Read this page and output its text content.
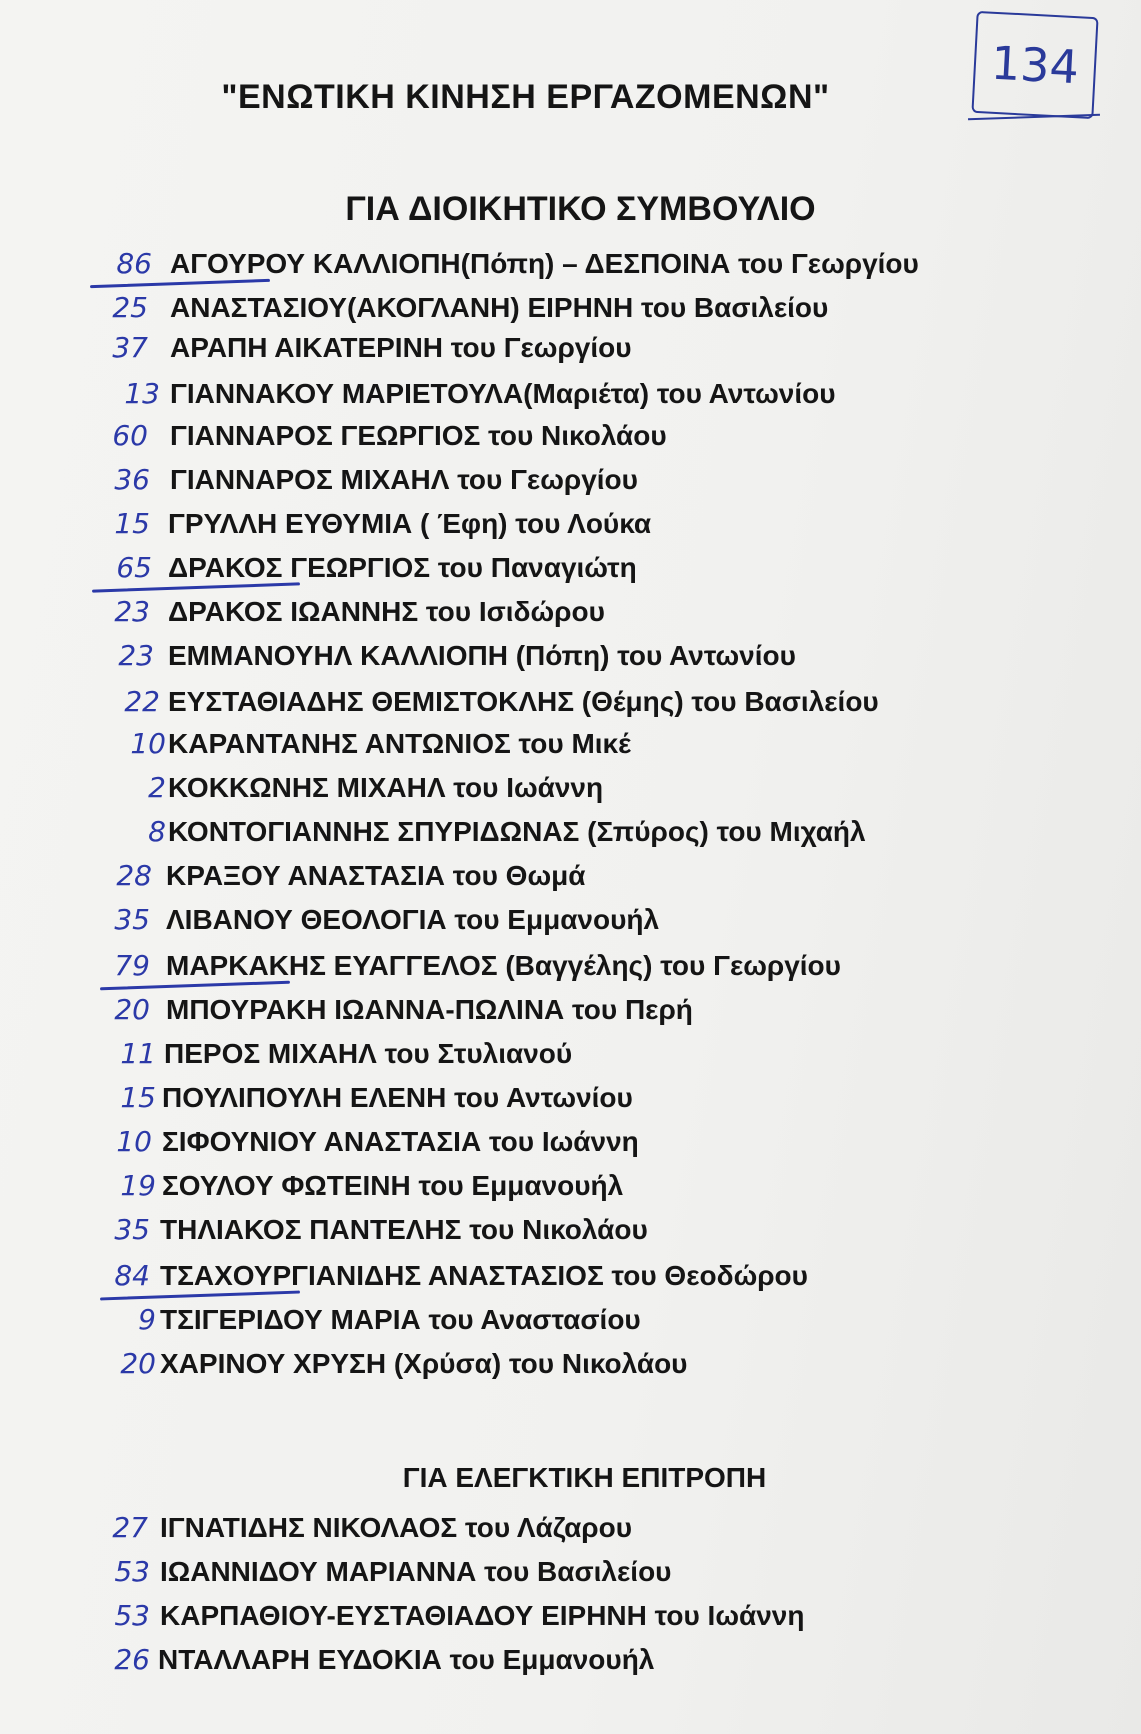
"ΕΝΩΤΙΚΗ ΚΙΝΗΣΗ ΕΡΓΑΖΟΜΕΝΩΝ"
134
ΓΙΑ ΔΙΟΙΚΗΤΙΚΟ ΣΥΜΒΟΥΛΙΟ
86 ΑΓΟΥΡΟΥ ΚΑΛΛΙΟΠΗ(Πόπη) – ΔΕΣΠΟΙΝΑ του Γεωργίου
25 ΑΝΑΣΤΑΣΙΟΥ(ΑΚΟΓΛΑΝΗ) ΕΙΡΗΝΗ του Βασιλείου
37 ΑΡΑΠΗ ΑΙΚΑΤΕΡΙΝΗ του Γεωργίου
13 ΓΙΑΝΝΑΚΟΥ ΜΑΡΙΕΤΟΥΛΑ(Μαριέτα) του Αντωνίου
60 ΓΙΑΝΝΑΡΟΣ ΓΕΩΡΓΙΟΣ του Νικολάου
36 ΓΙΑΝΝΑΡΟΣ ΜΙΧΑΗΛ του Γεωργίου
15 ΓΡΥΛΛΗ ΕΥΘΥΜΙΑ ( Έφη) του Λούκα
65 ΔΡΑΚΟΣ ΓΕΩΡΓΙΟΣ του Παναγιώτη
23 ΔΡΑΚΟΣ ΙΩΑΝΝΗΣ του Ισιδώρου
23 ΕΜΜΑΝΟΥΗΛ ΚΑΛΛΙΟΠΗ (Πόπη) του Αντωνίου
22 ΕΥΣΤΑΘΙΑΔΗΣ ΘΕΜΙΣΤΟΚΛΗΣ (Θέμης) του Βασιλείου
10 ΚΑΡΑΝΤΑΝΗΣ ΑΝΤΩΝΙΟΣ του Μικέ
2 ΚΟΚΚΩΝΗΣ ΜΙΧΑΗΛ του Ιωάννη
8 ΚΟΝΤΟΓΙΑΝΝΗΣ ΣΠΥΡΙΔΩΝΑΣ (Σπύρος) του Μιχαήλ
28 ΚΡΑΞΟΥ ΑΝΑΣΤΑΣΙΑ του Θωμά
35 ΛΙΒΑΝΟΥ ΘΕΟΛΟΓΙΑ του Εμμανουήλ
79 ΜΑΡΚΑΚΗΣ ΕΥΑΓΓΕΛΟΣ (Βαγγέλης) του Γεωργίου
20 ΜΠΟΥΡΑΚΗ ΙΩΑΝΝΑ-ΠΩΛΙΝΑ του Περή
11 ΠΕΡΟΣ ΜΙΧΑΗΛ του Στυλιανού
15 ΠΟΥΛΙΠΟΥΛΗ ΕΛΕΝΗ του Αντωνίου
10 ΣΙΦΟΥΝΙΟΥ ΑΝΑΣΤΑΣΙΑ του Ιωάννη
19 ΣΟΥΛΟΥ ΦΩΤΕΙΝΗ του Εμμανουήλ
35 ΤΗΛΙΑΚΟΣ ΠΑΝΤΕΛΗΣ του Νικολάου
84 ΤΣΑΧΟΥΡΓΙΑΝΙΔΗΣ ΑΝΑΣΤΑΣΙΟΣ του Θεοδώρου
9 ΤΣΙΓΕΡΙΔΟΥ ΜΑΡΙΑ του Αναστασίου
20 ΧΑΡΙΝΟΥ ΧΡΥΣΗ (Χρύσα) του Νικολάου
ΓΙΑ ΕΛΕΓΚΤΙΚΗ ΕΠΙΤΡΟΠΗ
27 ΙΓΝΑΤΙΔΗΣ ΝΙΚΟΛΑΟΣ του Λάζαρου
53 ΙΩΑΝΝΙΔΟΥ ΜΑΡΙΑΝΝΑ του Βασιλείου
53 ΚΑΡΠΑΘΙΟΥ-ΕΥΣΤΑΘΙΑΔΟΥ ΕΙΡΗΝΗ του Ιωάννη
26 ΝΤΑΛΛΑΡΗ ΕΥΔΟΚΙΑ του Εμμανουήλ
